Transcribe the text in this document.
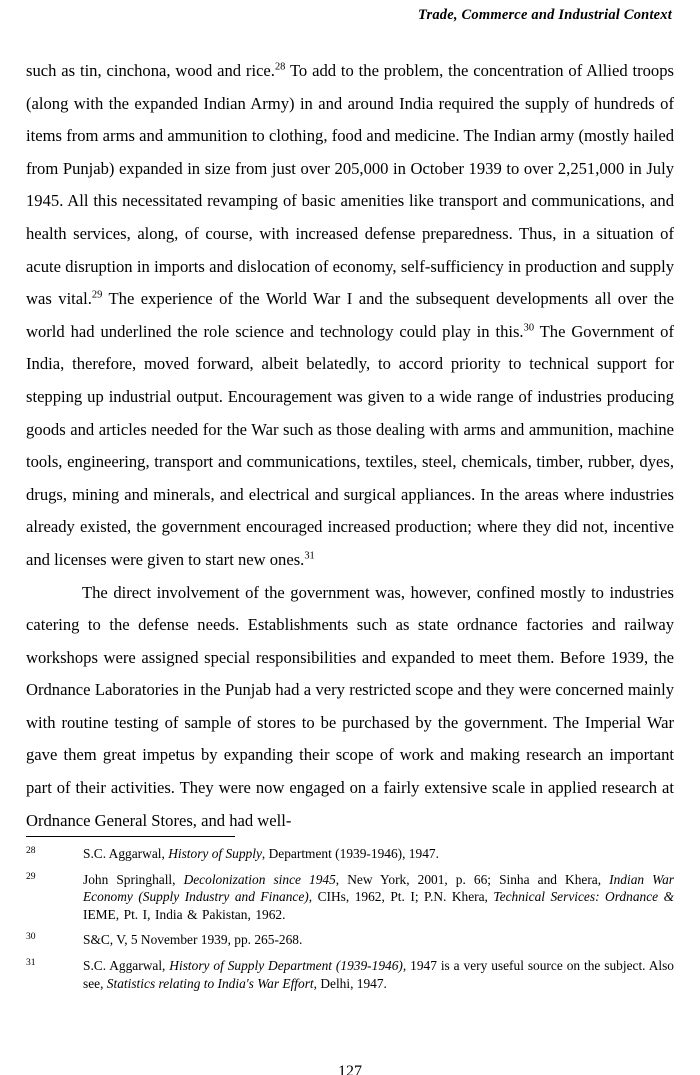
Trade, Commerce and Industrial Context

such as tin, cinchona, wood and rice.$^{28}$ To add to the problem, the concentration of Allied troops (along with the expanded Indian Army) in and around India required the supply of hundreds of items from arms and ammunition to clothing, food and medicine. The Indian army (mostly hailed from Punjab) expanded in size from just over 205,000 in October 1939 to over 2,251,000 in July 1945. All this necessitated revamping of basic amenities like transport and communications, and health services, along, of course, with increased defense preparedness. Thus, in a situation of acute disruption in imports and dislocation of economy, self-sufficiency in production and supply was vital.$^{29}$ The experience of the World War I and the subsequent developments all over the world had underlined the role science and technology could play in this.$^{30}$ The Government of India, therefore, moved forward, albeit belatedly, to accord priority to technical support for stepping up industrial output. Encouragement was given to a wide range of industries producing goods and articles needed for the War such as those dealing with arms and ammunition, machine tools, engineering, transport and communications, textiles, steel, chemicals, timber, rubber, dyes, drugs, mining and minerals, and electrical and surgical appliances. In the areas where industries already existed, the government encouraged increased production; where they did not, incentive and licenses were given to start new ones.$^{31}$

The direct involvement of the government was, however, confined mostly to industries catering to the defense needs. Establishments such as state ordnance factories and railway workshops were assigned special responsibilities and expanded to meet them. Before 1939, the Ordnance Laboratories in the Punjab had a very restricted scope and they were concerned mainly with routine testing of sample of stores to be purchased by the government. The Imperial War gave them great impetus by expanding their scope of work and making research an important part of their activities. They were now engaged on a fairly extensive scale in applied research at Ordnance General Stores, and had well-

28	S.C. Aggarwal, History of Supply, Department (1939-1946), 1947.
29	John Springhall, Decolonization since 1945, New York, 2001, p. 66; Sinha and Khera, Indian War Economy (Supply Industry and Finance), CIHs, 1962, Pt. I; P.N. Khera, Technical Services: Ordnance & IEME, Pt. I, India & Pakistan, 1962.
30	S&C, V, 5 November 1939, pp. 265-268.
31	S.C. Aggarwal, History of Supply Department (1939-1946), 1947 is a very useful source on the subject. Also see, Statistics relating to India's War Effort, Delhi, 1947.
127
